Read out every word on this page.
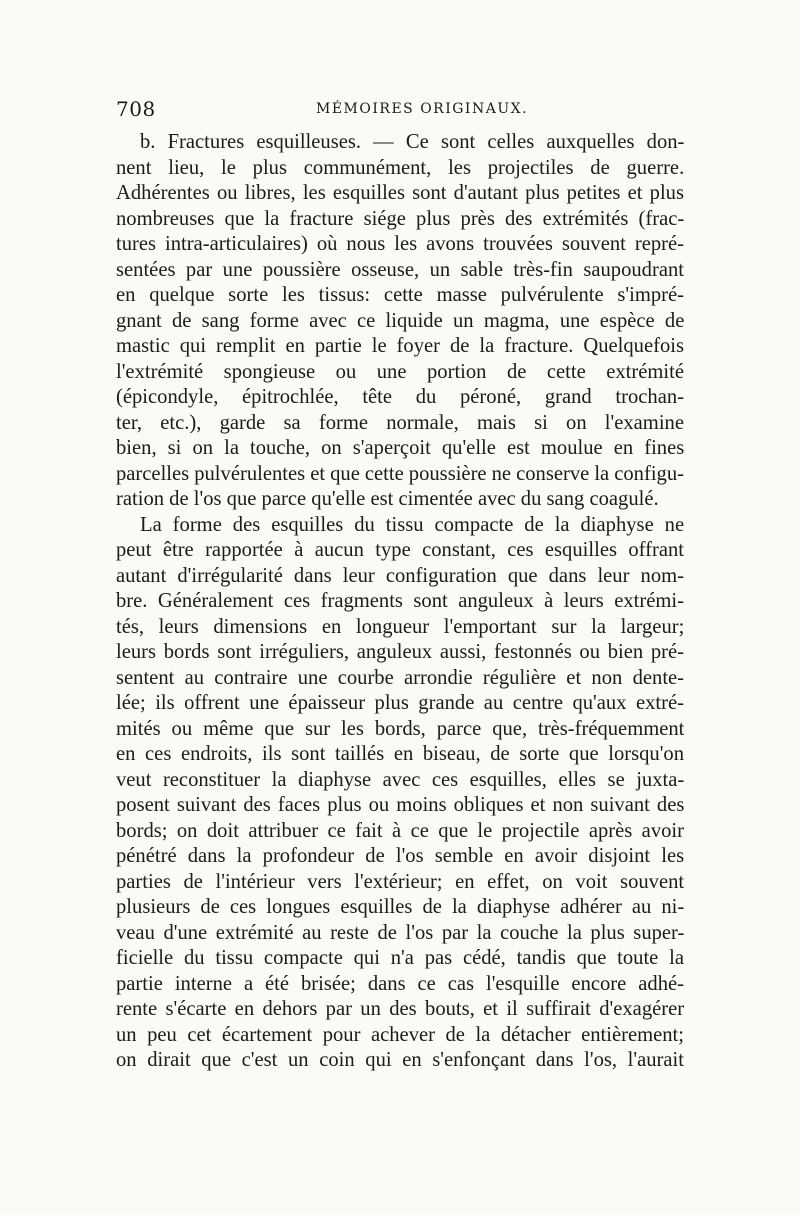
708	MÉMOIRES ORIGINAUX.
b. Fractures esquilleuses. — Ce sont celles auxquelles don-
nent lieu, le plus communément, les projectiles de guerre.
Adhérentes ou libres, les esquilles sont d'autant plus petites et plus
nombreuses que la fracture siége plus près des extrémités (frac-
tures intra-articulaires) où nous les avons trouvées souvent repré-
sentées par une poussière osseuse, un sable très-fin saupoudrant
en quelque sorte les tissus: cette masse pulvérulente s'impré-
gnant de sang forme avec ce liquide un magma, une espèce de
mastic qui remplit en partie le foyer de la fracture. Quelquefois
l'extrémité spongieuse ou une portion de cette extrémité
(épicondyle, épitrochlée, tête du péroné, grand trochan-
ter, etc.), garde sa forme normale, mais si on l'examine
bien, si on la touche, on s'aperçoit qu'elle est moulue en fines
parcelles pulvérulentes et que cette poussière ne conserve la configu-
ration de l'os que parce qu'elle est cimentée avec du sang coagulé.
La forme des esquilles du tissu compacte de la diaphyse ne
peut être rapportée à aucun type constant, ces esquilles offrant
autant d'irrégularité dans leur configuration que dans leur nom-
bre. Généralement ces fragments sont anguleux à leurs extrémi-
tés, leurs dimensions en longueur l'emportant sur la largeur;
leurs bords sont irréguliers, anguleux aussi, festonnés ou bien pré-
sentent au contraire une courbe arrondie régulière et non dente-
lée; ils offrent une épaisseur plus grande au centre qu'aux extré-
mités ou même que sur les bords, parce que, très-fréquemment
en ces endroits, ils sont taillés en biseau, de sorte que lorsqu'on
veut reconstituer la diaphyse avec ces esquilles, elles se juxta-
posent suivant des faces plus ou moins obliques et non suivant des
bords; on doit attribuer ce fait à ce que le projectile après avoir
pénétré dans la profondeur de l'os semble en avoir disjoint les
parties de l'intérieur vers l'extérieur; en effet, on voit souvent
plusieurs de ces longues esquilles de la diaphyse adhérer au ni-
veau d'une extrémité au reste de l'os par la couche la plus super-
ficielle du tissu compacte qui n'a pas cédé, tandis que toute la
partie interne a été brisée; dans ce cas l'esquille encore adhé-
rente s'écarte en dehors par un des bouts, et il suffirait d'exagérer
un peu cet écartement pour achever de la détacher entièrement;
on dirait que c'est un coin qui en s'enfonçant dans l'os, l'aurait
